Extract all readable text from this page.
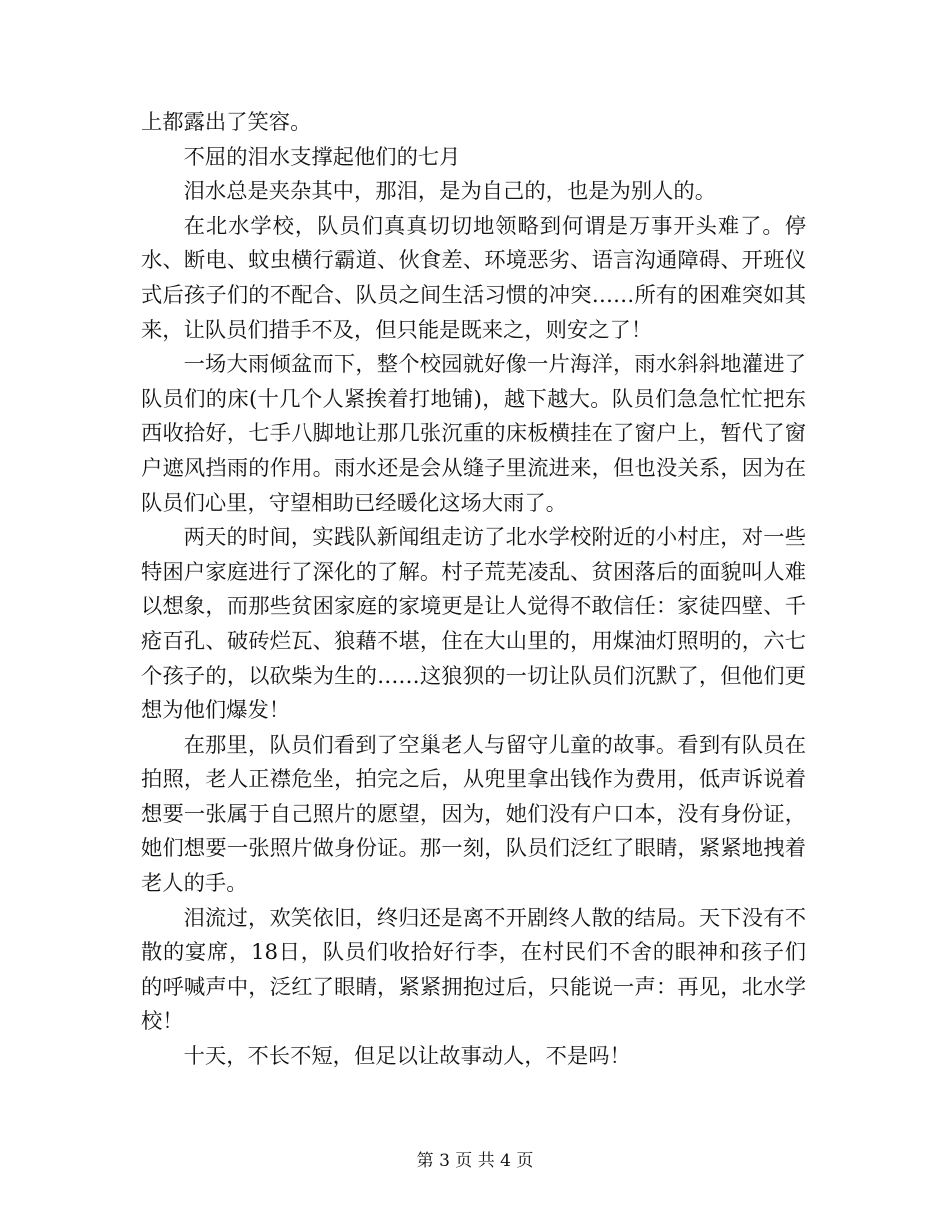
上都露出了笑容。

不屈的泪水支撑起他们的七月

泪水总是夹杂其中，那泪，是为自己的，也是为别人的。

在北水学校，队员们真真切切地领略到何谓是万事开头难了。停水、断电、蚊虫横行霸道、伙食差、环境恶劣、语言沟通障碍、开班仪式后孩子们的不配合、队员之间生活习惯的冲突……所有的困难突如其来，让队员们措手不及，但只能是既来之，则安之了！

一场大雨倾盆而下，整个校园就好像一片海洋，雨水斜斜地灌进了队员们的床(十几个人紧挨着打地铺)，越下越大。队员们急急忙忙把东西收拾好，七手八脚地让那几张沉重的床板横挂在了窗户上，暂代了窗户遮风挡雨的作用。雨水还是会从缝子里流进来，但也没关系，因为在队员们心里，守望相助已经暖化这场大雨了。

两天的时间，实践队新闻组走访了北水学校附近的小村庄，对一些特困户家庭进行了深化的了解。村子荒芜凌乱、贫困落后的面貌叫人难以想象，而那些贫困家庭的家境更是让人觉得不敢信任：家徒四壁、千疮百孔、破砖烂瓦、狼藉不堪，住在大山里的，用煤油灯照明的，六七个孩子的，以砍柴为生的……这狼狈的一切让队员们沉默了，但他们更想为他们爆发！

在那里，队员们看到了空巢老人与留守儿童的故事。看到有队员在拍照，老人正襟危坐，拍完之后，从兜里拿出钱作为费用，低声诉说着想要一张属于自己照片的愿望，因为，她们没有户口本，没有身份证，她们想要一张照片做身份证。那一刻，队员们泛红了眼睛，紧紧地拽着老人的手。

泪流过，欢笑依旧，终归还是离不开剧终人散的结局。天下没有不散的宴席，18日，队员们收拾好行李，在村民们不舍的眼神和孩子们的呼喊声中，泛红了眼睛，紧紧拥抱过后，只能说一声：再见，北水学校！

十天，不长不短，但足以让故事动人，不是吗！

第 3 页 共 4 页
